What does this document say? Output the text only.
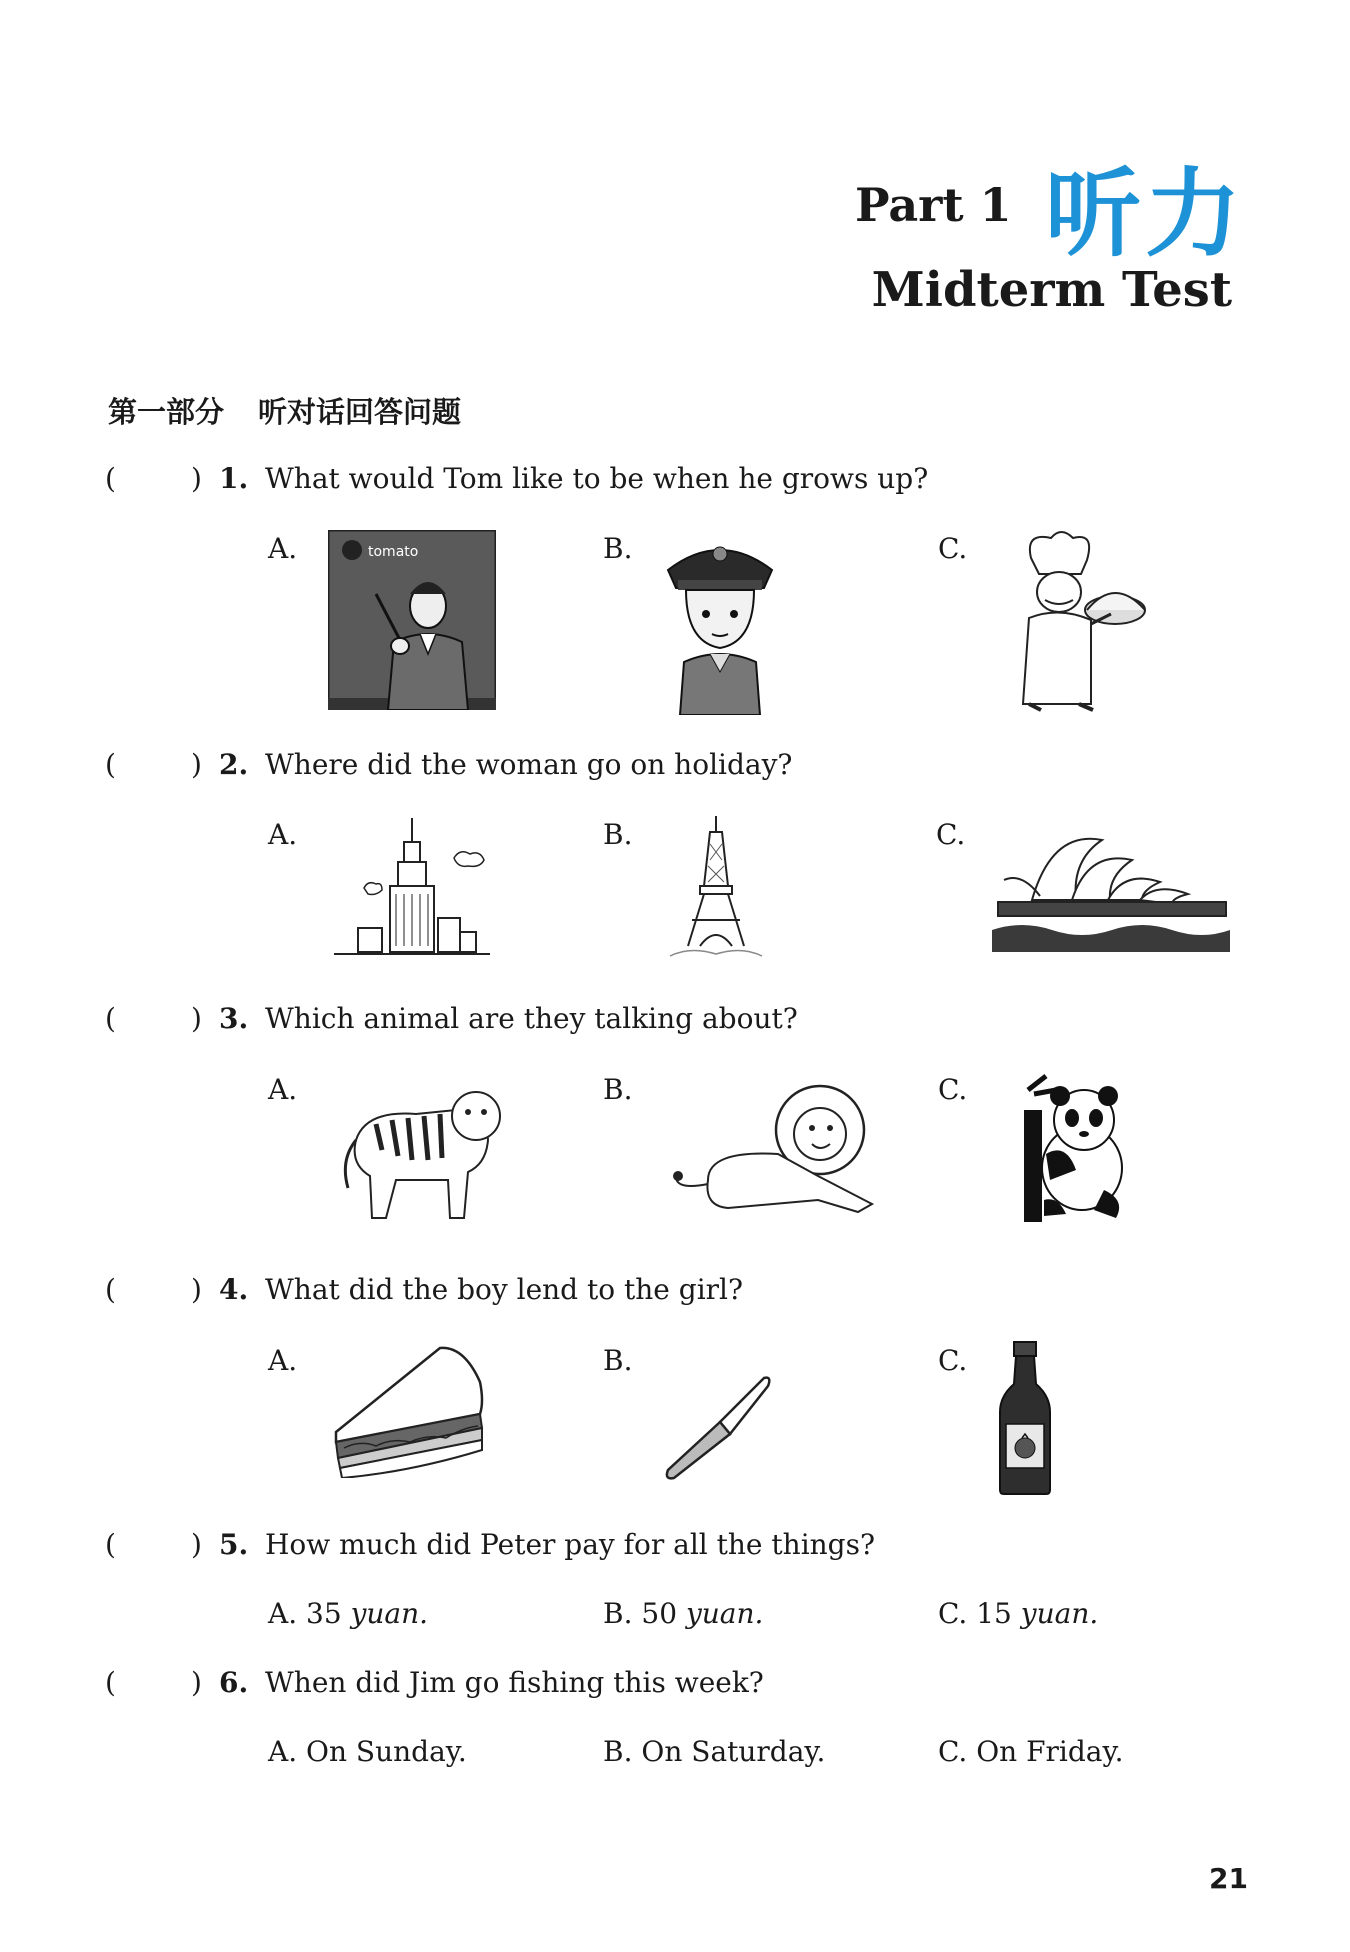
Part 1 听力
Midterm Test
第一部分 听对话回答问题
(	) 1. What would Tom like to be when he grows up?
A.	B.	C.
tomato
(	) 2. Where did the woman go on holiday?
A.	B.	C.
(	) 3. Which animal are they talking about?
A.	B.	C.
(	) 4. What did the boy lend to the girl?
A.	B.	C.
(	) 5. How much did Peter pay for all the things?
A. 35 yuan.	B. 50 yuan.	C. 15 yuan.
(	) 6. When did Jim go fishing this week?
A. On Sunday.	B. On Saturday.	C. On Friday.
21
